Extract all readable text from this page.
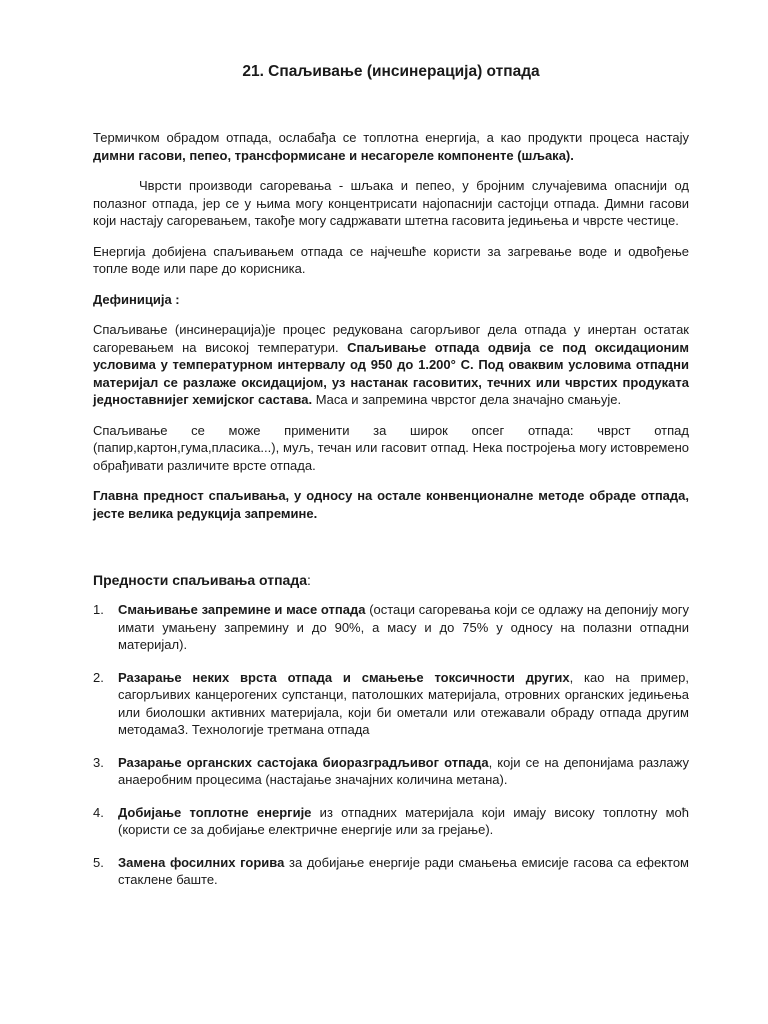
21. Спаљивање (инсинерација) отпада

Термичком обрадом отпада, ослабађа се топлотна енергија, а као продукти процеса настају димни гасови, пепео, трансформисане и несагореле компоненте (шљака).

Чврсти производи сагоревања - шљака и пепео, у бројним случајевима опаснији од полазног отпада, јер се у њима могу концентрисати најопаснији састојци отпада. Димни гасови који настају сагоревањем, такође могу садржавати штетна гасовита једињења и чврсте честице.

Енергија добијена спаљивањем отпада се најчешће користи за загревање воде и одвођење топле воде или паре до корисника.

Дефиниција :

Спаљивање (инсинерација)је процес редукована сагорљивог дела отпада у инертан остатак сагоревањем на високој температури. Спаљивање отпада одвија се под оксидационим условима у температурном интервалу од 950 до 1.200° C. Под оваквим условима отпадни материјал се разлаже оксидацијом, уз настанак гасовитих, течних или чврстих продуката једноставнијег хемијског састава. Маса и запремина чврстог дела значајно смањује.

Спаљивање се може применити за широк опсег отпада: чврст отпад (папир,картон,гума,пласика...), муљ, течан или гасовит отпад. Нека постројења могу истовремено обрађивати различите врсте отпада.

Главна предност спаљивања, у односу на остале конвенционалне методе обраде отпада, јесте велика редукција запремине.

Предности спаљивања отпада:
1. Смањивање запремине и масе отпада (остаци сагоревања који се одлажу на депонију могу имати умањену запремину и до 90%, а масу и до 75% у односу на полазни отпадни материјал).
2. Разарање неких врста отпада и смањење токсичности других, као на пример, сагорљивих канцерогених супстанци, патолошких материјала, отровних органских једињења или биолошки активних материјала, који би ометали или отежавали обраду отпада другим методама3. Технологије третмана отпада
3. Разарање органских састојака биоразградљивог отпада, који се на депонијама разлажу анаеробним процесима (настајање значајних количина метана).
4. Добијање топлотне енергије из отпадних материјала који имају високу топлотну моћ (користи се за добијање електричне енергије или за грејање).
5. Замена фосилних горива за добијање енергије ради смањења емисије гасова са ефектом стаклене баште.
